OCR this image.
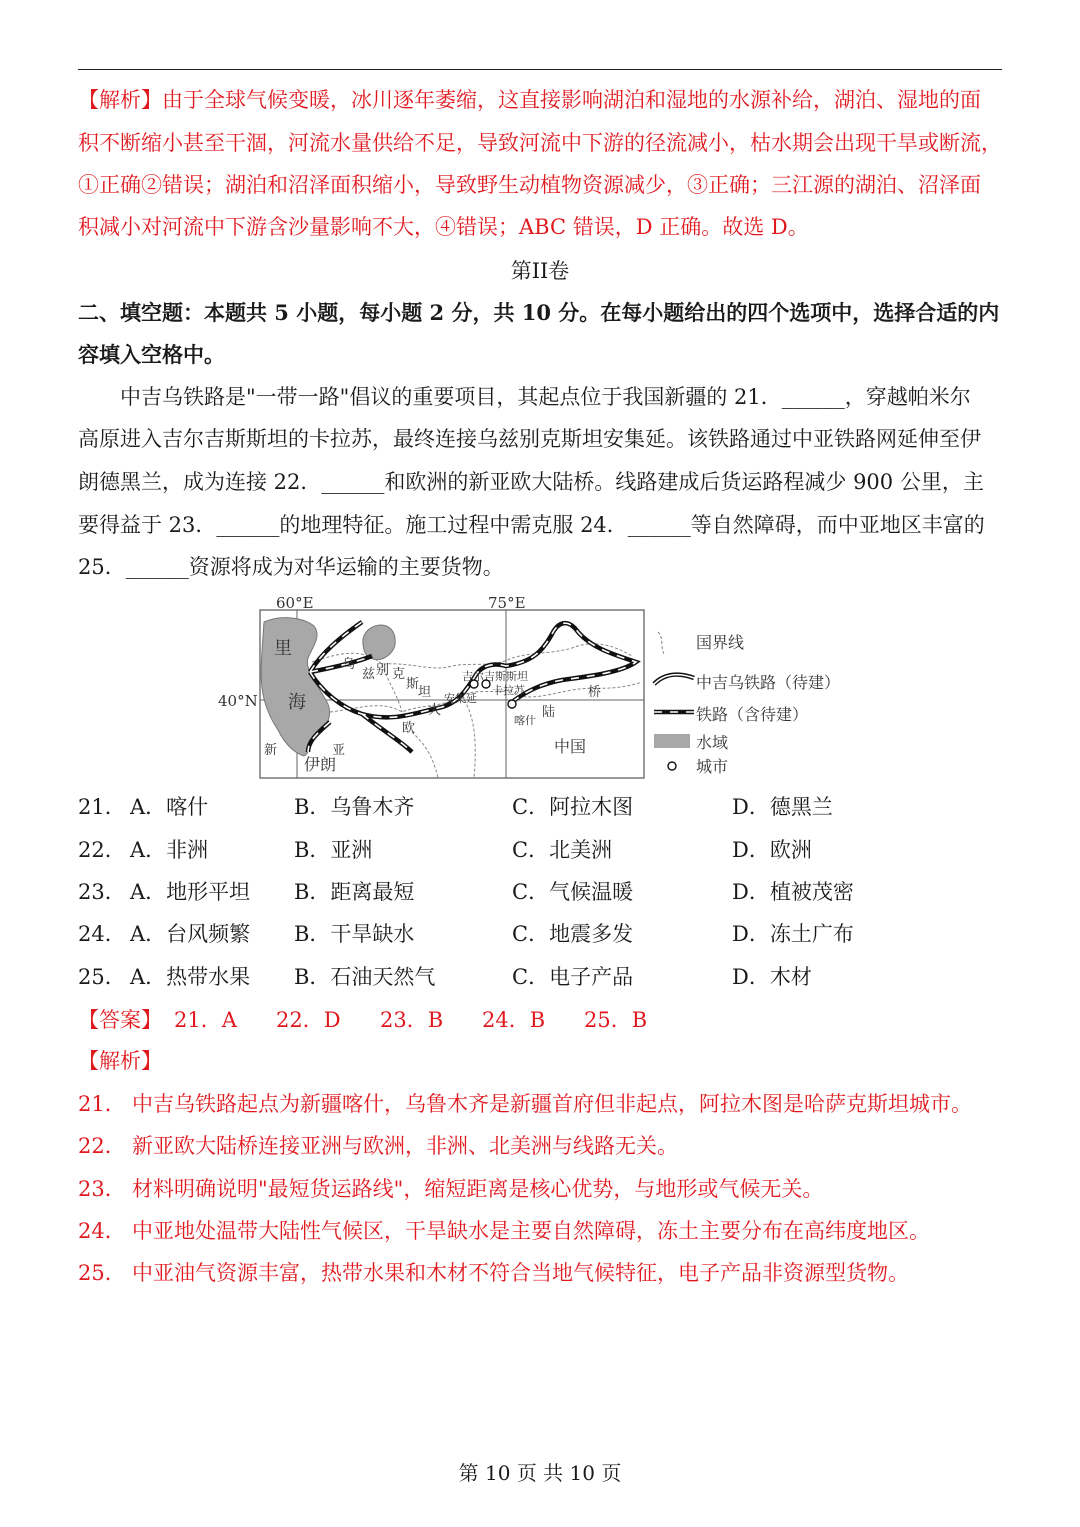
【解析】由于全球气候变暖，冰川逐年萎缩，这直接影响湖泊和湿地的水源补给，湖泊、湿地的面
积不断缩小甚至干涸，河流水量供给不足，导致河流中下游的径流减小，枯水期会出现干旱或断流，
①正确②错误；湖泊和沼泽面积缩小，导致野生动植物资源减少，③正确；三江源的湖泊、沼泽面
积减小对河流中下游含沙量影响不大，④错误；ABC 错误，D 正确。故选 D。
第II卷
二、填空题：本题共 5 小题，每小题 2 分，共 10 分。在每小题给出的四个选项中，选择合适的内
容填入空格中。
中吉乌铁路是"一带一路"倡议的重要项目，其起点位于我国新疆的 21．______，穿越帕米尔
高原进入吉尔吉斯斯坦的卡拉苏，最终连接乌兹别克斯坦安集延。该铁路通过中亚铁路网延伸至伊
朗德黑兰，成为连接 22．______和欧洲的新亚欧大陆桥。线路建成后货运路程减少 900 公里，主
要得益于 23．______的地理特征。施工过程中需克服 24．______等自然障碍，而中亚地区丰富的
25．______资源将成为对华运输的主要货物。
60°E	75°E
40°N
里
海
乌
兹 别 克
斯
坦
吉尔吉斯斯坦
卡拉苏
安集延
喀什
中国
伊朗
新	亚
欧
大	陆
桥
国界线
中吉乌铁路（待建）
铁路（含待建）
水域
城市
21． A．喀什	B．乌鲁木齐	C．阿拉木图	D．德黑兰
22． A．非洲	B．亚洲	C．北美洲	D．欧洲
23． A．地形平坦 B．距离最短	C．气候温暖	D．植被茂密
24． A．台风频繁 B．干旱缺水	C．地震多发	D．冻土广布
25． A．热带水果 B．石油天然气	C．电子产品	D．木材
【答案】 21．A 22．D 23．B 24．B 25．B
【解析】
21． 中吉乌铁路起点为新疆喀什，乌鲁木齐是新疆首府但非起点，阿拉木图是哈萨克斯坦城市。
22． 新亚欧大陆桥连接亚洲与欧洲，非洲、北美洲与线路无关。
23． 材料明确说明"最短货运路线"，缩短距离是核心优势，与地形或气候无关。
24． 中亚地处温带大陆性气候区，干旱缺水是主要自然障碍，冻土主要分布在高纬度地区。
25． 中亚油气资源丰富，热带水果和木材不符合当地气候特征，电子产品非资源型货物。
第 10 页 共 10 页
